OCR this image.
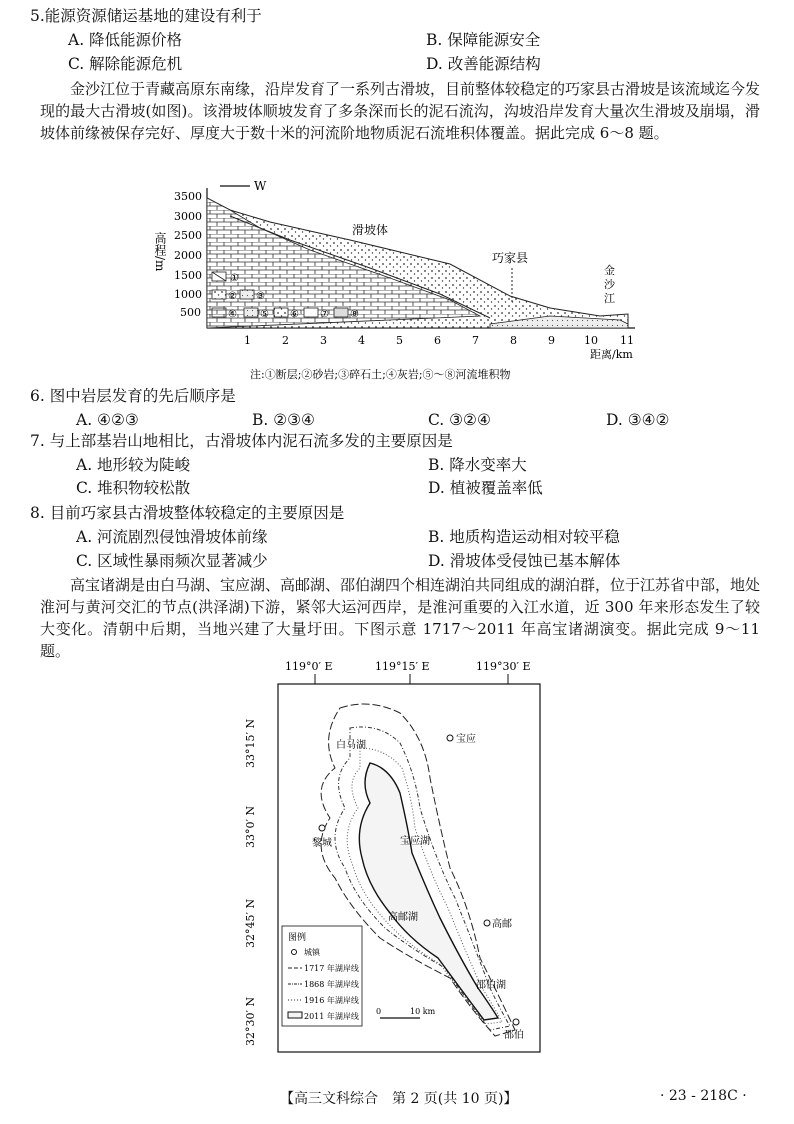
5.能源资源储运基地的建设有利于
A. 降低能源价格	B. 保障能源安全
C. 解除能源危机	D. 改善能源结构
金沙江位于青藏高原东南缘，沿岸发育了一系列古滑坡，目前整体较稳定的巧家县古滑坡是该流域迄今发现的最大古滑坡(如图)。该滑坡体顺坡发育了多条深而长的泥石流沟，沟坡沿岸发育大量次生滑坡及崩塌，滑坡体前缘被保存完好、厚度大于数十米的河流阶地物质泥石流堆积体覆盖。据此完成 6～8 题。
W
3500
3000
2500
2000
1500
1000
500
高程/m
①
② ③
④ ⑤ ⑥ ⑦ ⑧
滑坡体
巧家县
金
沙
江
1	2	3	4	5	6	7	8	9	10 11
距离/km
注:①断层;②砂岩;③碎石土;④灰岩;⑤～⑧河流堆积物
6. 图中岩层发育的先后顺序是
A. ④②③	B. ②③④	C. ③②④	D. ③④②
7. 与上部基岩山地相比，古滑坡体内泥石流多发的主要原因是
A. 地形较为陡峻	B. 降水变率大
C. 堆积物较松散	D. 植被覆盖率低
8. 目前巧家县古滑坡整体较稳定的主要原因是
A. 河流剧烈侵蚀滑坡体前缘	B. 地质构造运动相对较平稳
C. 区域性暴雨频次显著减少	D. 滑坡体受侵蚀已基本解体
高宝诸湖是由白马湖、宝应湖、高邮湖、邵伯湖四个相连湖泊共同组成的湖泊群，位于江苏省中部，地处淮河与黄河交汇的节点(洪泽湖)下游，紧邻大运河西岸，是淮河重要的入江水道，近 300 年来形态发生了较大变化。清朝中后期，当地兴建了大量圩田。下图示意 1717～2011 年高宝诸湖演变。据此完成 9～11 题。
119°0′ E	119°15′ E	119°30′ E
33°15′ N
33°0′ N
32°45′ N
32°30′ N
白马湖
宝应湖
高邮湖
邵伯湖
宝应
黎城
高邮
邵伯
图例
城镇
1717 年湖岸线
1868 年湖岸线
1916 年湖岸线
2011 年湖岸线
0	10 km
【高三文科综合　第 2 页(共 10 页)】	· 23 - 218C ·
